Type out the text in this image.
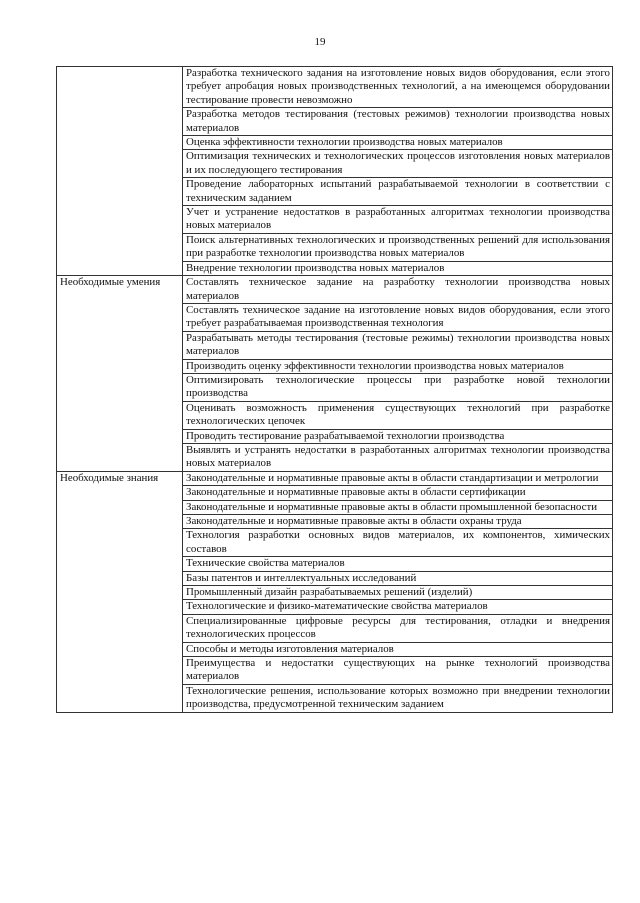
19
	Разработка технического задания на изготовление новых видов оборудования, если этого требует апробация новых производственных технологий, а на имеющемся оборудовании тестирование провести невозможно
	Разработка методов тестирования (тестовых режимов) технологии производства новых материалов
	Оценка эффективности технологии производства новых материалов
	Оптимизация технических и технологических процессов изготовления новых материалов и их последующего тестирования
	Проведение лабораторных испытаний разрабатываемой технологии в соответствии с техническим заданием
	Учет и устранение недостатков в разработанных алгоритмах технологии производства новых материалов
	Поиск альтернативных технологических и производственных решений для использования при разработке технологии производства новых материалов
	Внедрение технологии производства новых материалов
Необходимые умения	Составлять техническое задание на разработку технологии производства новых материалов
	Составлять техническое задание на изготовление новых видов оборудования, если этого требует разрабатываемая производственная технология
	Разрабатывать методы тестирования (тестовые режимы) технологии производства новых материалов
	Производить оценку эффективности технологии производства новых материалов
	Оптимизировать технологические процессы при разработке новой технологии производства
	Оценивать возможность применения существующих технологий при разработке технологических цепочек
	Проводить тестирование разрабатываемой технологии производства
	Выявлять и устранять недостатки в разработанных алгоритмах технологии производства новых материалов
Необходимые знания	Законодательные и нормативные правовые акты в области стандартизации и метрологии
	Законодательные и нормативные правовые акты в области сертификации
	Законодательные и нормативные правовые акты в области промышленной безопасности
	Законодательные и нормативные правовые акты в области охраны труда
	Технология разработки основных видов материалов, их компонентов, химических составов
	Технические свойства материалов
	Базы патентов и интеллектуальных исследований
	Промышленный дизайн разрабатываемых решений (изделий)
	Технологические и физико-математические свойства материалов
	Специализированные цифровые ресурсы для тестирования, отладки и внедрения технологических процессов
	Способы и методы изготовления материалов
	Преимущества и недостатки существующих на рынке технологий производства материалов
	Технологические решения, использование которых возможно при внедрении технологии производства, предусмотренной техническим заданием
